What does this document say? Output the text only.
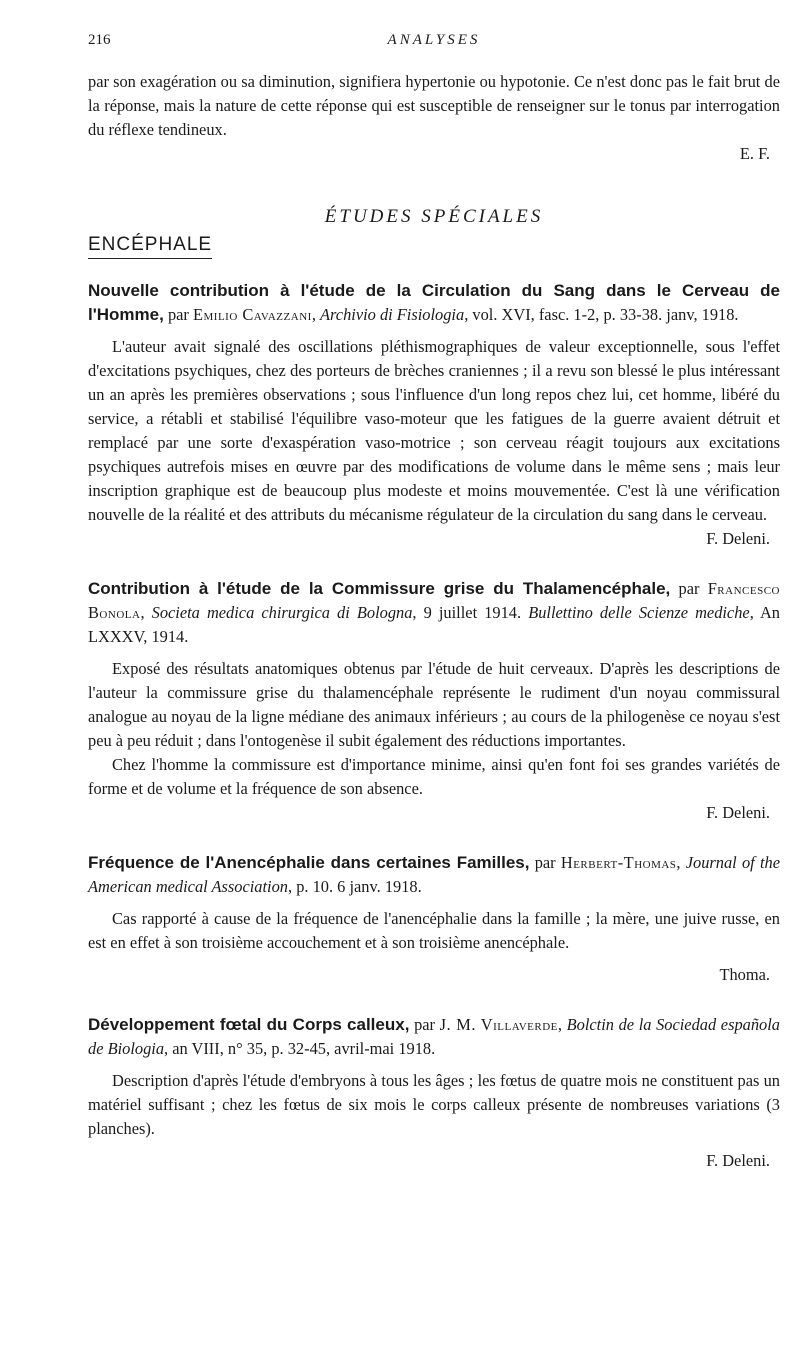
216	ANALYSES

par son exagération ou sa diminution, signifiera hypertonie ou hypotonie. Ce n'est donc pas le fait brut de la réponse, mais la nature de cette réponse qui est susceptible de renseigner sur le tonus par interrogation du réflexe tendineux.

E. F.
ÉTUDES SPÉCIALES
ENCÉPHALE
Nouvelle contribution à l'étude de la Circulation du Sang dans le Cerveau de l'Homme, par Emilio Cavazzani, Archivio di Fisiologia, vol. XVI, fasc. 1-2, p. 33-38. janv, 1918.

L'auteur avait signalé des oscillations pléthismographiques de valeur exceptionnelle, sous l'effet d'excitations psychiques, chez des porteurs de brèches craniennes ; il a revu son blessé le plus intéressant un an après les premières observations ; sous l'influence d'un long repos chez lui, cet homme, libéré du service, a rétabli et stabilisé l'équilibre vaso-moteur que les fatigues de la guerre avaient détruit et remplacé par une sorte d'exaspération vaso-motrice ; son cerveau réagit toujours aux excitations psychiques autrefois mises en œuvre par des modifications de volume dans le même sens ; mais leur inscription graphique est de beaucoup plus modeste et moins mouvementée. C'est là une vérification nouvelle de la réalité et des attributs du mécanisme régulateur de la circulation du sang dans le cerveau.

F. Deleni.
Contribution à l'étude de la Commissure grise du Thalamencéphale, par Francesco Bonola, Societa medica chirurgica di Bologna, 9 juillet 1914. Bullettino delle Scienze mediche, An LXXXV, 1914.

Exposé des résultats anatomiques obtenus par l'étude de huit cerveaux. D'après les descriptions de l'auteur la commissure grise du thalamencéphale représente le rudiment d'un noyau commissural analogue au noyau de la ligne médiane des animaux inférieurs ; au cours de la philogenèse ce noyau s'est peu à peu réduit ; dans l'ontogenèse il subit également des réductions importantes.

Chez l'homme la commissure est d'importance minime, ainsi qu'en font foi ses grandes variétés de forme et de volume et la fréquence de son absence.

F. Deleni.
Fréquence de l'Anencéphalie dans certaines Familles, par Herbert-Thomas, Journal of the American medical Association, p. 10. 6 janv. 1918.

Cas rapporté à cause de la fréquence de l'anencéphalie dans la famille ; la mère, une juive russe, en est en effet à son troisième accouchement et à son troisième anencéphale.

Thoma.
Développement fœtal du Corps calleux, par J. M. Villaverde, Bolctin de la Sociedad española de Biologia, an VIII, n° 35, p. 32-45, avril-mai 1918.

Description d'après l'étude d'embryons à tous les âges ; les fœtus de quatre mois ne constituent pas un matériel suffisant ; chez les fœtus de six mois le corps calleux présente de nombreuses variations (3 planches).

F. Deleni.
